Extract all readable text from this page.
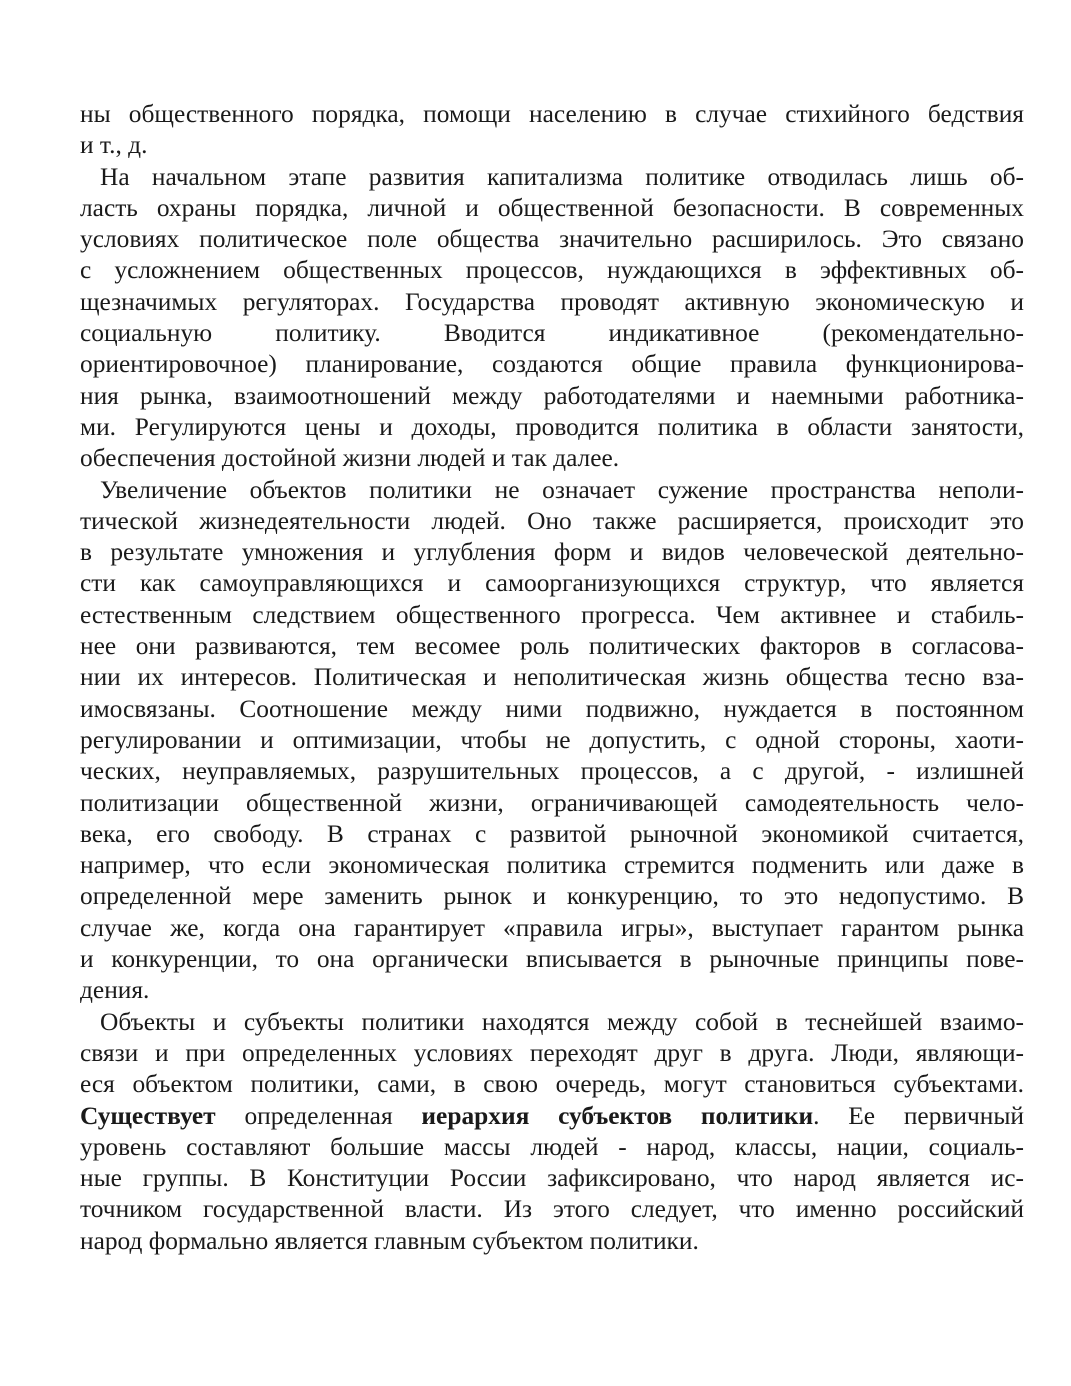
ны общественного порядка, помощи населению в случае стихийного бедствия
и т., д.
На начальном этапе развития капитализма политике отводилась лишь об-
ласть охраны порядка, личной и общественной безопасности. В современных
условиях политическое поле общества значительно расширилось. Это связано
с усложнением общественных процессов, нуждающихся в эффективных об-
щезначимых регуляторах. Государства проводят активную экономическую и
социальную политику. Вводится индикативное (рекомендательно-
ориентировочное) планирование, создаются общие правила функционирова-
ния рынка, взаимоотношений между работодателями и наемными работника-
ми. Регулируются цены и доходы, проводится политика в области занятости,
обеспечения достойной жизни людей и так далее.
Увеличение объектов политики не означает сужение пространства неполи-
тической жизнедеятельности людей. Оно также расширяется, происходит это
в результате умножения и углубления форм и видов человеческой деятельно-
сти как самоуправляющихся и самоорганизующихся структур, что является
естественным следствием общественного прогресса. Чем активнее и стабиль-
нее они развиваются, тем весомее роль политических факторов в согласова-
нии их интересов. Политическая и неполитическая жизнь общества тесно вза-
имосвязаны. Соотношение между ними подвижно, нуждается в постоянном
регулировании и оптимизации, чтобы не допустить, с одной стороны, хаоти-
ческих, неуправляемых, разрушительных процессов, а с другой, - излишней
политизации общественной жизни, ограничивающей самодеятельность чело-
века, его свободу. В странах с развитой рыночной экономикой считается,
например, что если экономическая политика стремится подменить или даже в
определенной мере заменить рынок и конкуренцию, то это недопустимо. В
случае же, когда она гарантирует «правила игры», выступает гарантом рынка
и конкуренции, то она органически вписывается в рыночные принципы пове-
дения.
Объекты и субъекты политики находятся между собой в теснейшей взаимо-
связи и при определенных условиях переходят друг в друга. Люди, являющи-
еся объектом политики, сами, в свою очередь, могут становиться субъектами.
Существует определенная иерархия субъектов политики. Ее первичный
уровень составляют большие массы людей - народ, классы, нации, социаль-
ные группы. В Конституции России зафиксировано, что народ является ис-
точником государственной власти. Из этого следует, что именно российский
народ формально является главным субъектом политики.
